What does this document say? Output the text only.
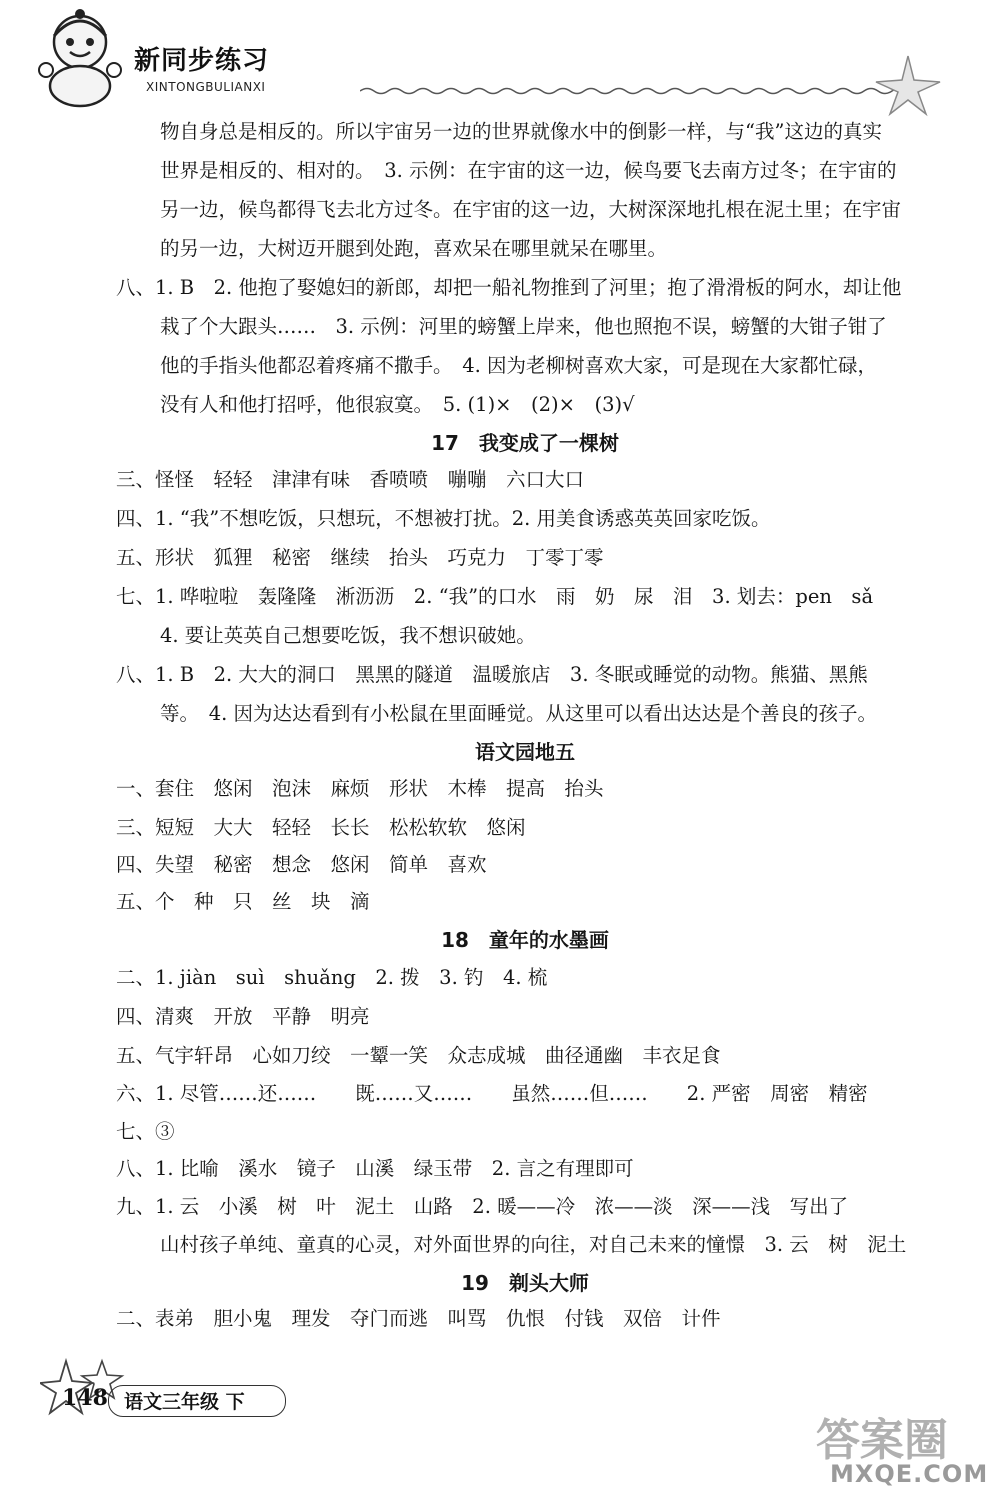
新同步练习
XINTONGBULIANXI
物自身总是相反的。所以宇宙另一边的世界就像水中的倒影一样，与“我”这边的真实
世界是相反的、相对的。　3. 示例：在宇宙的这一边，候鸟要飞去南方过冬；在宇宙的
另一边，候鸟都得飞去北方过冬。在宇宙的这一边，大树深深地扎根在泥土里；在宇宙
的另一边，大树迈开腿到处跑，喜欢呆在哪里就呆在哪里。
八、1. B　2. 他抱了娶媳妇的新郎，却把一船礼物推到了河里；抱了滑滑板的阿水，却让他
栽了个大跟头……　3. 示例：河里的螃蟹上岸来，他也照抱不误，螃蟹的大钳子钳了
他的手指头他都忍着疼痛不撒手。　4. 因为老柳树喜欢大家，可是现在大家都忙碌，
没有人和他打招呼，他很寂寞。　5. (1)×　(2)×　(3)√
17　我变成了一棵树
三、怪怪　轻轻　津津有味　香喷喷　嘣嘣　六口大口
四、1. “我”不想吃饭，只想玩，不想被打扰。2. 用美食诱惑英英回家吃饭。
五、形状　狐狸　秘密　继续　抬头　巧克力　丁零丁零
七、1. 哗啦啦　轰隆隆　淅沥沥　2. “我”的口水　雨　奶　尿　泪　3. 划去：pen　sǎ
4. 要让英英自己想要吃饭，我不想识破她。
八、1. B　2. 大大的洞口　黑黑的隧道　温暖旅店　3. 冬眠或睡觉的动物。熊猫、黑熊
等。　4. 因为达达看到有小松鼠在里面睡觉。从这里可以看出达达是个善良的孩子。
语文园地五
一、套住　悠闲　泡沫　麻烦　形状　木棒　提高　抬头
三、短短　大大　轻轻　长长　松松软软　悠闲
四、失望　秘密　想念　悠闲　简单　喜欢
五、个　种　只　丝　块　滴
18　童年的水墨画
二、1. jiàn　suì　shuǎng　2. 拨　3. 钓　4. 梳
四、清爽　开放　平静　明亮
五、气宇轩昂　心如刀绞　一颦一笑　众志成城　曲径通幽　丰衣足食
六、1. 尽管……还……　　既……又……　　虽然……但……　　2. 严密　周密　精密
七、③
八、1. 比喻　溪水　镜子　山溪　绿玉带　2. 言之有理即可
九、1. 云　小溪　树　叶　泥土　山路　2. 暖——冷　浓——淡　深——浅　写出了
山村孩子单纯、童真的心灵，对外面世界的向往，对自己未来的憧憬　3. 云　树　泥土
19　剃头大师
二、表弟　胆小鬼　理发　夺门而逃　叫骂　仇恨　付钱　双倍　计件
148 语文三年级 下
答案圈
MXQE.COM
